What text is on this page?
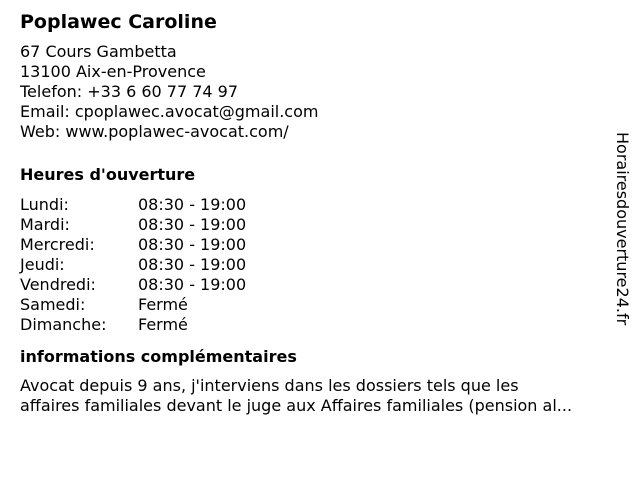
Poplawec Caroline
67 Cours Gambetta
13100 Aix-en-Provence
Telefon: +33 6 60 77 74 97
Email: cpoplawec.avocat@gmail.com
Web: www.poplawec-avocat.com/
Heures d'ouverture
Lundi:	08:30 - 19:00
Mardi:	08:30 - 19:00
Mercredi:	08:30 - 19:00
Jeudi:	08:30 - 19:00
Vendredi:	08:30 - 19:00
Samedi:	Fermé
Dimanche:	Fermé
informations complémentaires
Avocat depuis 9 ans, j'interviens dans les dossiers tels que les
affaires familiales devant le juge aux Affaires familiales (pension al...
Horairesdouverture24.fr
